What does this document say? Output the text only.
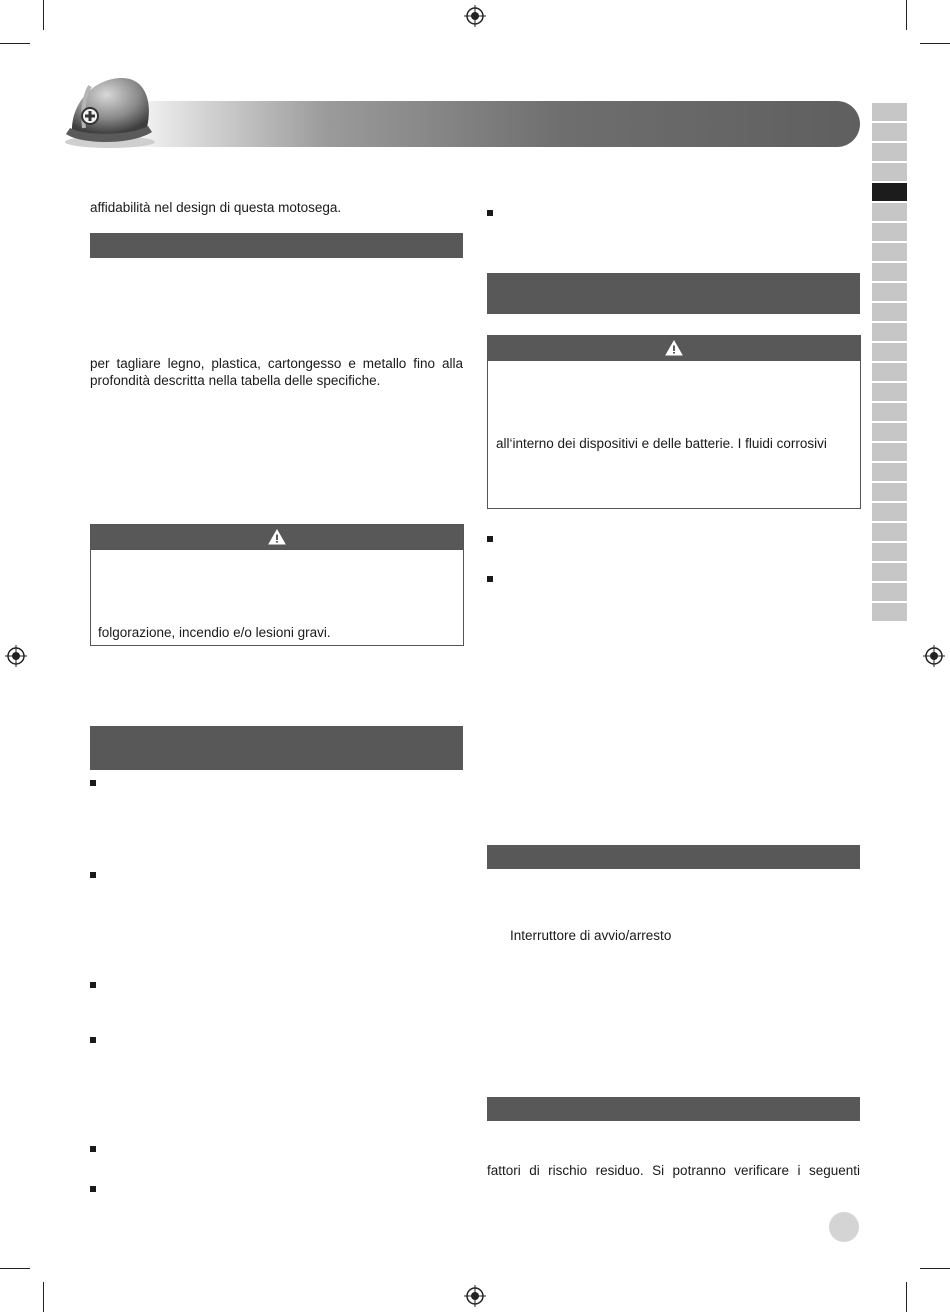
affidabilità nel design di questa motosega.
per tagliare legno, plastica, cartongesso e metallo fino alla
profondità descritta nella tabella delle specifiche.
folgorazione, incendio e/o lesioni gravi.
all‘interno dei dispositivi e delle batterie. I fluidi corrosivi
Interruttore di avvio/arresto
fattori di rischio residuo. Si potranno verificare i seguenti
